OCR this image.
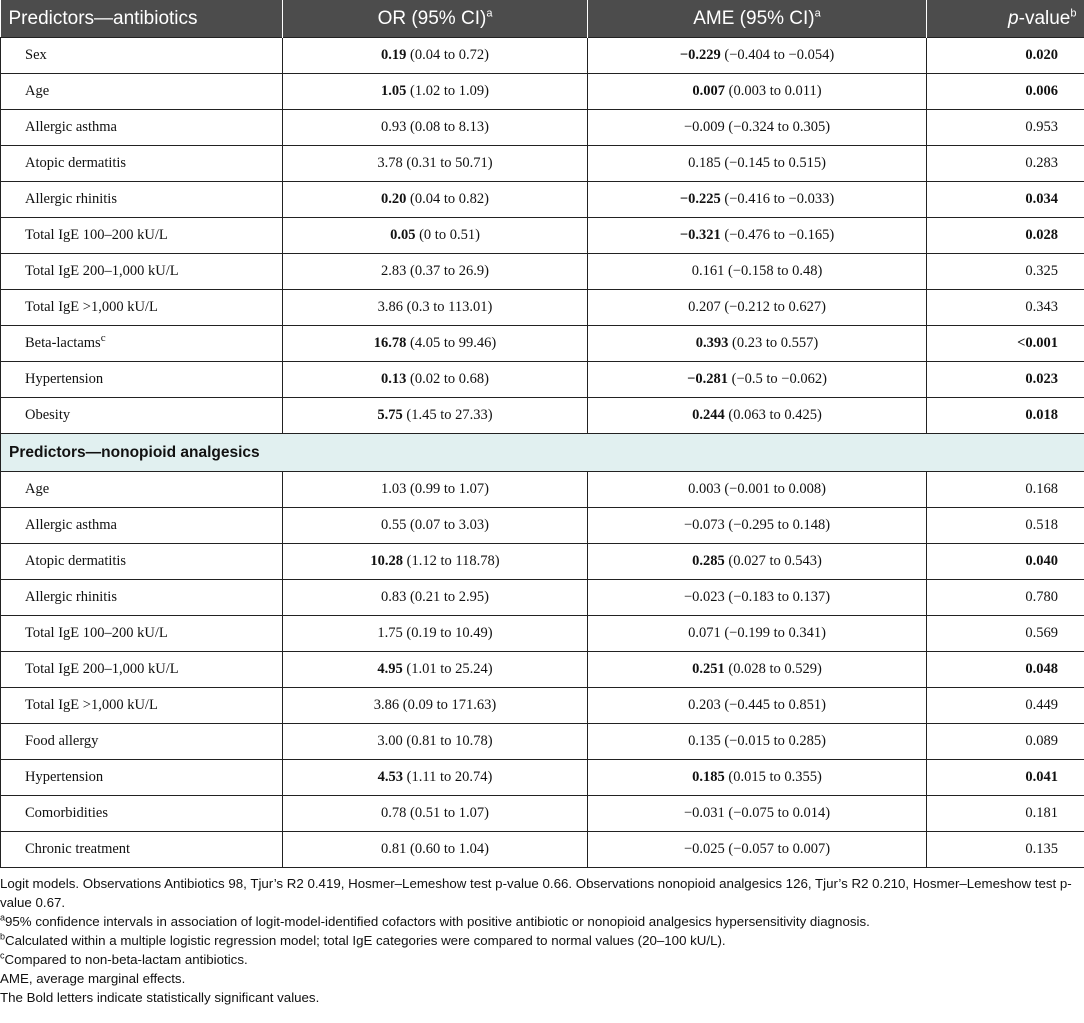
Predictors—antibiotics	OR (95% CI)$^a$	AME (95% CI)$^a$	p-value$^b$
Sex	0.19 (0.04 to 0.72)	−0.229 (−0.404 to −0.054)	0.020
Age	1.05 (1.02 to 1.09)	0.007 (0.003 to 0.011)	0.006
Allergic asthma	0.93 (0.08 to 8.13)	−0.009 (−0.324 to 0.305)	0.953
Atopic dermatitis	3.78 (0.31 to 50.71)	0.185 (−0.145 to 0.515)	0.283
Allergic rhinitis	0.20 (0.04 to 0.82)	−0.225 (−0.416 to −0.033)	0.034
Total IgE 100–200 kU/L	0.05 (0 to 0.51)	−0.321 (−0.476 to −0.165)	0.028
Total IgE 200–1,000 kU/L	2.83 (0.37 to 26.9)	0.161 (−0.158 to 0.48)	0.325
Total IgE >1,000 kU/L	3.86 (0.3 to 113.01)	0.207 (−0.212 to 0.627)	0.343
Beta-lactams$^c$	16.78 (4.05 to 99.46)	0.393 (0.23 to 0.557)	<0.001
Hypertension	0.13 (0.02 to 0.68)	−0.281 (−0.5 to −0.062)	0.023
Obesity	5.75 (1.45 to 27.33)	0.244 (0.063 to 0.425)	0.018
Predictors—nonopioid analgesics			
Age	1.03 (0.99 to 1.07)	0.003 (−0.001 to 0.008)	0.168
Allergic asthma	0.55 (0.07 to 3.03)	−0.073 (−0.295 to 0.148)	0.518
Atopic dermatitis	10.28 (1.12 to 118.78)	0.285 (0.027 to 0.543)	0.040
Allergic rhinitis	0.83 (0.21 to 2.95)	−0.023 (−0.183 to 0.137)	0.780
Total IgE 100–200 kU/L	1.75 (0.19 to 10.49)	0.071 (−0.199 to 0.341)	0.569
Total IgE 200–1,000 kU/L	4.95 (1.01 to 25.24)	0.251 (0.028 to 0.529)	0.048
Total IgE >1,000 kU/L	3.86 (0.09 to 171.63)	0.203 (−0.445 to 0.851)	0.449
Food allergy	3.00 (0.81 to 10.78)	0.135 (−0.015 to 0.285)	0.089
Hypertension	4.53 (1.11 to 20.74)	0.185 (0.015 to 0.355)	0.041
Comorbidities	0.78 (0.51 to 1.07)	−0.031 (−0.075 to 0.014)	0.181
Chronic treatment	0.81 (0.60 to 1.04)	−0.025 (−0.057 to 0.007)	0.135

Logit models. Observations Antibiotics 98, Tjur’s R2 0.419, Hosmer–Lemeshow test p-value 0.66. Observations nonopioid analgesics 126, Tjur’s R2 0.210, Hosmer–Lemeshow test p-value 0.67.

$^a$95% confidence intervals in association of logit-model-identified cofactors with positive antibiotic or nonopioid analgesics hypersensitivity diagnosis.

$^b$Calculated within a multiple logistic regression model; total IgE categories were compared to normal values (20–100 kU/L).

$^c$Compared to non-beta-lactam antibiotics.

AME, average marginal effects.

The Bold letters indicate statistically significant values.
